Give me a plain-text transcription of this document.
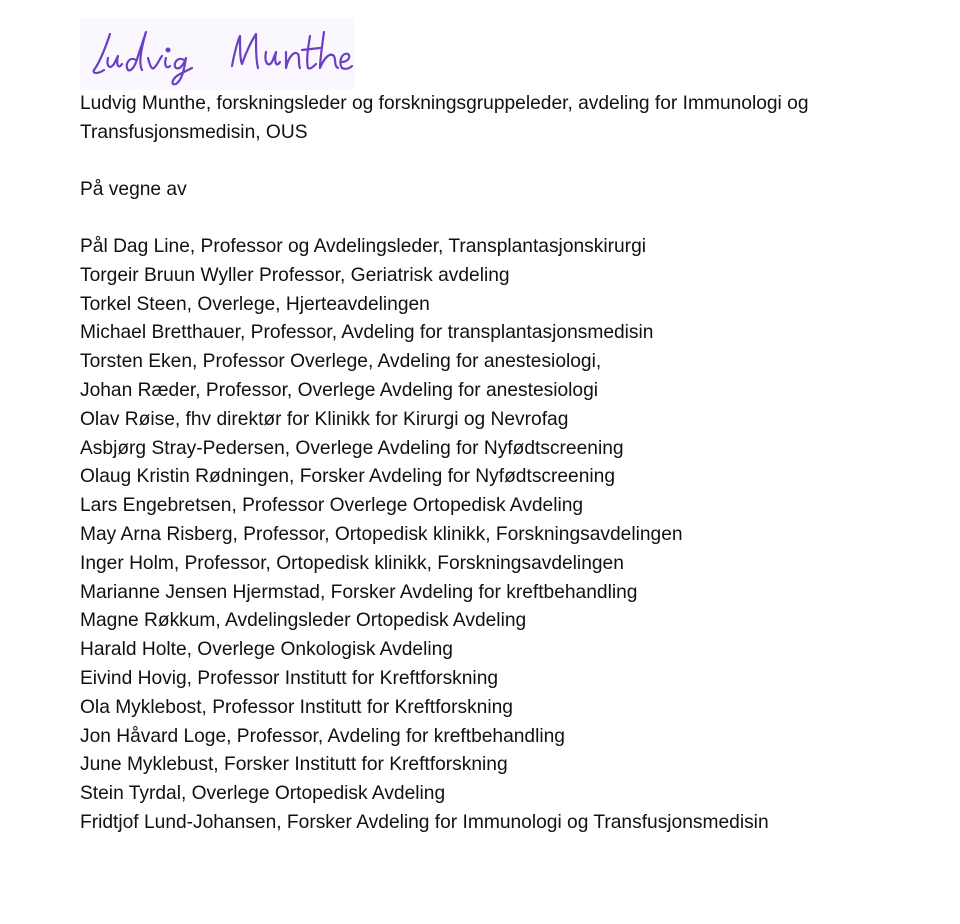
Ludvig Munthe, forskningsleder og forskningsgruppeleder, avdeling for Immunologi og Transfusjonsmedisin, OUS

På vegne av

Pål Dag Line, Professor og Avdelingsleder, Transplantasjonskirurgi
Torgeir Bruun Wyller Professor, Geriatrisk avdeling
Torkel Steen, Overlege, Hjerteavdelingen
Michael Bretthauer, Professor, Avdeling for transplantasjonsmedisin
Torsten Eken, Professor Overlege, Avdeling for anestesiologi,
Johan Ræder, Professor, Overlege Avdeling for anestesiologi
Olav Røise, fhv direktør for Klinikk for Kirurgi og Nevrofag
Asbjørg Stray-Pedersen, Overlege Avdeling for Nyfødtscreening
Olaug Kristin Rødningen, Forsker Avdeling for Nyfødtscreening
Lars Engebretsen, Professor Overlege Ortopedisk Avdeling
May Arna Risberg, Professor, Ortopedisk klinikk, Forskningsavdelingen
Inger Holm, Professor, Ortopedisk klinikk, Forskningsavdelingen
Marianne Jensen Hjermstad, Forsker Avdeling for kreftbehandling
Magne Røkkum, Avdelingsleder Ortopedisk Avdeling
Harald Holte, Overlege Onkologisk Avdeling
Eivind Hovig, Professor Institutt for Kreftforskning
Ola Myklebost, Professor Institutt for Kreftforskning
Jon Håvard Loge, Professor, Avdeling for kreftbehandling
June Myklebust, Forsker Institutt for Kreftforskning
Stein Tyrdal, Overlege Ortopedisk Avdeling
Fridtjof Lund-Johansen, Forsker Avdeling for Immunologi og Transfusjonsmedisin
